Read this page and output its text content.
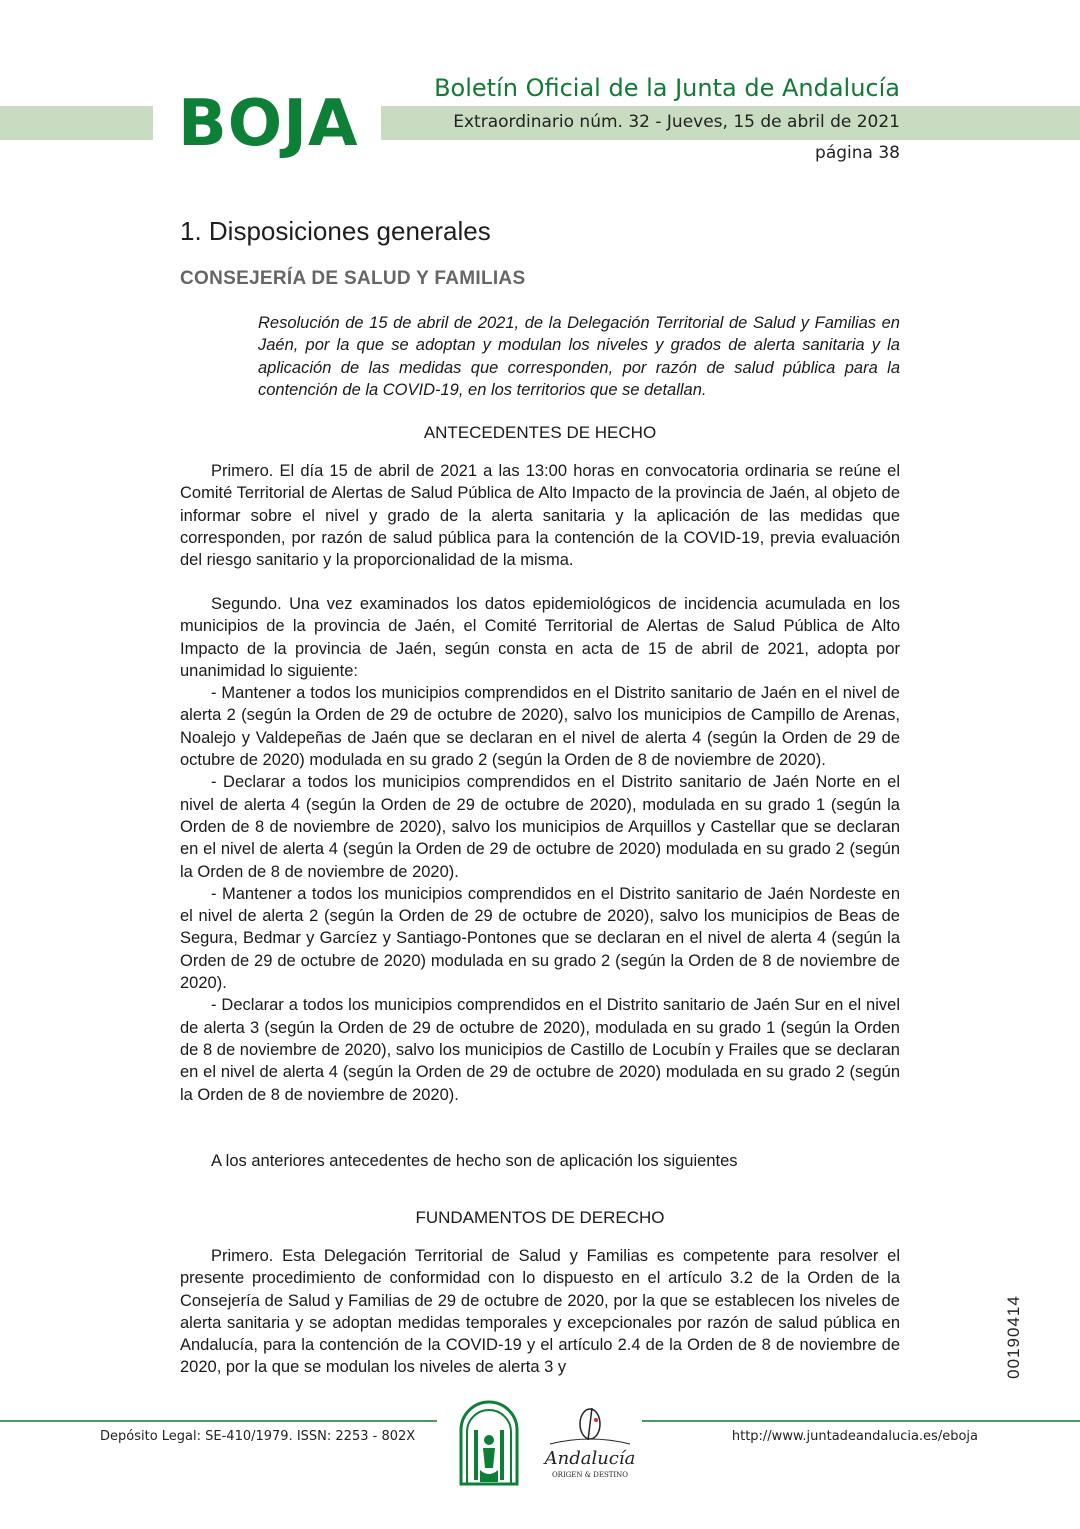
BOJA	Boletín Oficial de la Junta de Andalucía
Extraordinario núm. 32 - Jueves, 15 de abril de 2021
página 38
1. Disposiciones generales
CONSEJERÍA DE SALUD Y FAMILIAS

Resolución de 15 de abril de 2021, de la Delegación Territorial de Salud y Familias en Jaén, por la que se adoptan y modulan los niveles y grados de alerta sanitaria y la aplicación de las medidas que corresponden, por razón de salud pública para la contención de la COVID-19, en los territorios que se detallan.

ANTECEDENTES DE HECHO

Primero. El día 15 de abril de 2021 a las 13:00 horas en convocatoria ordinaria se reúne el Comité Territorial de Alertas de Salud Pública de Alto Impacto de la provincia de Jaén, al objeto de informar sobre el nivel y grado de la alerta sanitaria y la aplicación de las medidas que corresponden, por razón de salud pública para la contención de la COVID-19, previa evaluación del riesgo sanitario y la proporcionalidad de la misma.

Segundo. Una vez examinados los datos epidemiológicos de incidencia acumulada en los municipios de la provincia de Jaén, el Comité Territorial de Alertas de Salud Pública de Alto Impacto de la provincia de Jaén, según consta en acta de 15 de abril de 2021, adopta por unanimidad lo siguiente:

- Mantener a todos los municipios comprendidos en el Distrito sanitario de Jaén en el nivel de alerta 2 (según la Orden de 29 de octubre de 2020), salvo los municipios de Campillo de Arenas, Noalejo y Valdepeñas de Jaén que se declaran en el nivel de alerta 4 (según la Orden de 29 de octubre de 2020) modulada en su grado 2 (según la Orden de 8 de noviembre de 2020).

- Declarar a todos los municipios comprendidos en el Distrito sanitario de Jaén Norte en el nivel de alerta 4 (según la Orden de 29 de octubre de 2020), modulada en su grado 1 (según la Orden de 8 de noviembre de 2020), salvo los municipios de Arquillos y Castellar que se declaran en el nivel de alerta 4 (según la Orden de 29 de octubre de 2020) modulada en su grado 2 (según la Orden de 8 de noviembre de 2020).

- Mantener a todos los municipios comprendidos en el Distrito sanitario de Jaén Nordeste en el nivel de alerta 2 (según la Orden de 29 de octubre de 2020), salvo los municipios de Beas de Segura, Bedmar y Garcíez y Santiago-Pontones que se declaran en el nivel de alerta 4 (según la Orden de 29 de octubre de 2020) modulada en su grado 2 (según la Orden de 8 de noviembre de 2020).

- Declarar a todos los municipios comprendidos en el Distrito sanitario de Jaén Sur en el nivel de alerta 3 (según la Orden de 29 de octubre de 2020), modulada en su grado 1 (según la Orden de 8 de noviembre de 2020), salvo los municipios de Castillo de Locubín y Frailes que se declaran en el nivel de alerta 4 (según la Orden de 29 de octubre de 2020) modulada en su grado 2 (según la Orden de 8 de noviembre de 2020).

A los anteriores antecedentes de hecho son de aplicación los siguientes

FUNDAMENTOS DE DERECHO

Primero. Esta Delegación Territorial de Salud y Familias es competente para resolver el presente procedimiento de conformidad con lo dispuesto en el artículo 3.2 de la Orden de la Consejería de Salud y Familias de 29 de octubre de 2020, por la que se establecen los niveles de alerta sanitaria y se adoptan medidas temporales y excepcionales por razón de salud pública en Andalucía, para la contención de la COVID-19 y el artículo 2.4 de la Orden de 8 de noviembre de 2020, por la que se modulan los niveles de alerta 3 y	00190414
Depósito Legal: SE-410/1979. ISSN: 2253 - 802X	http://www.juntadeandalucia.es/eboja
Andalucía
ORIGEN & DESTINO
